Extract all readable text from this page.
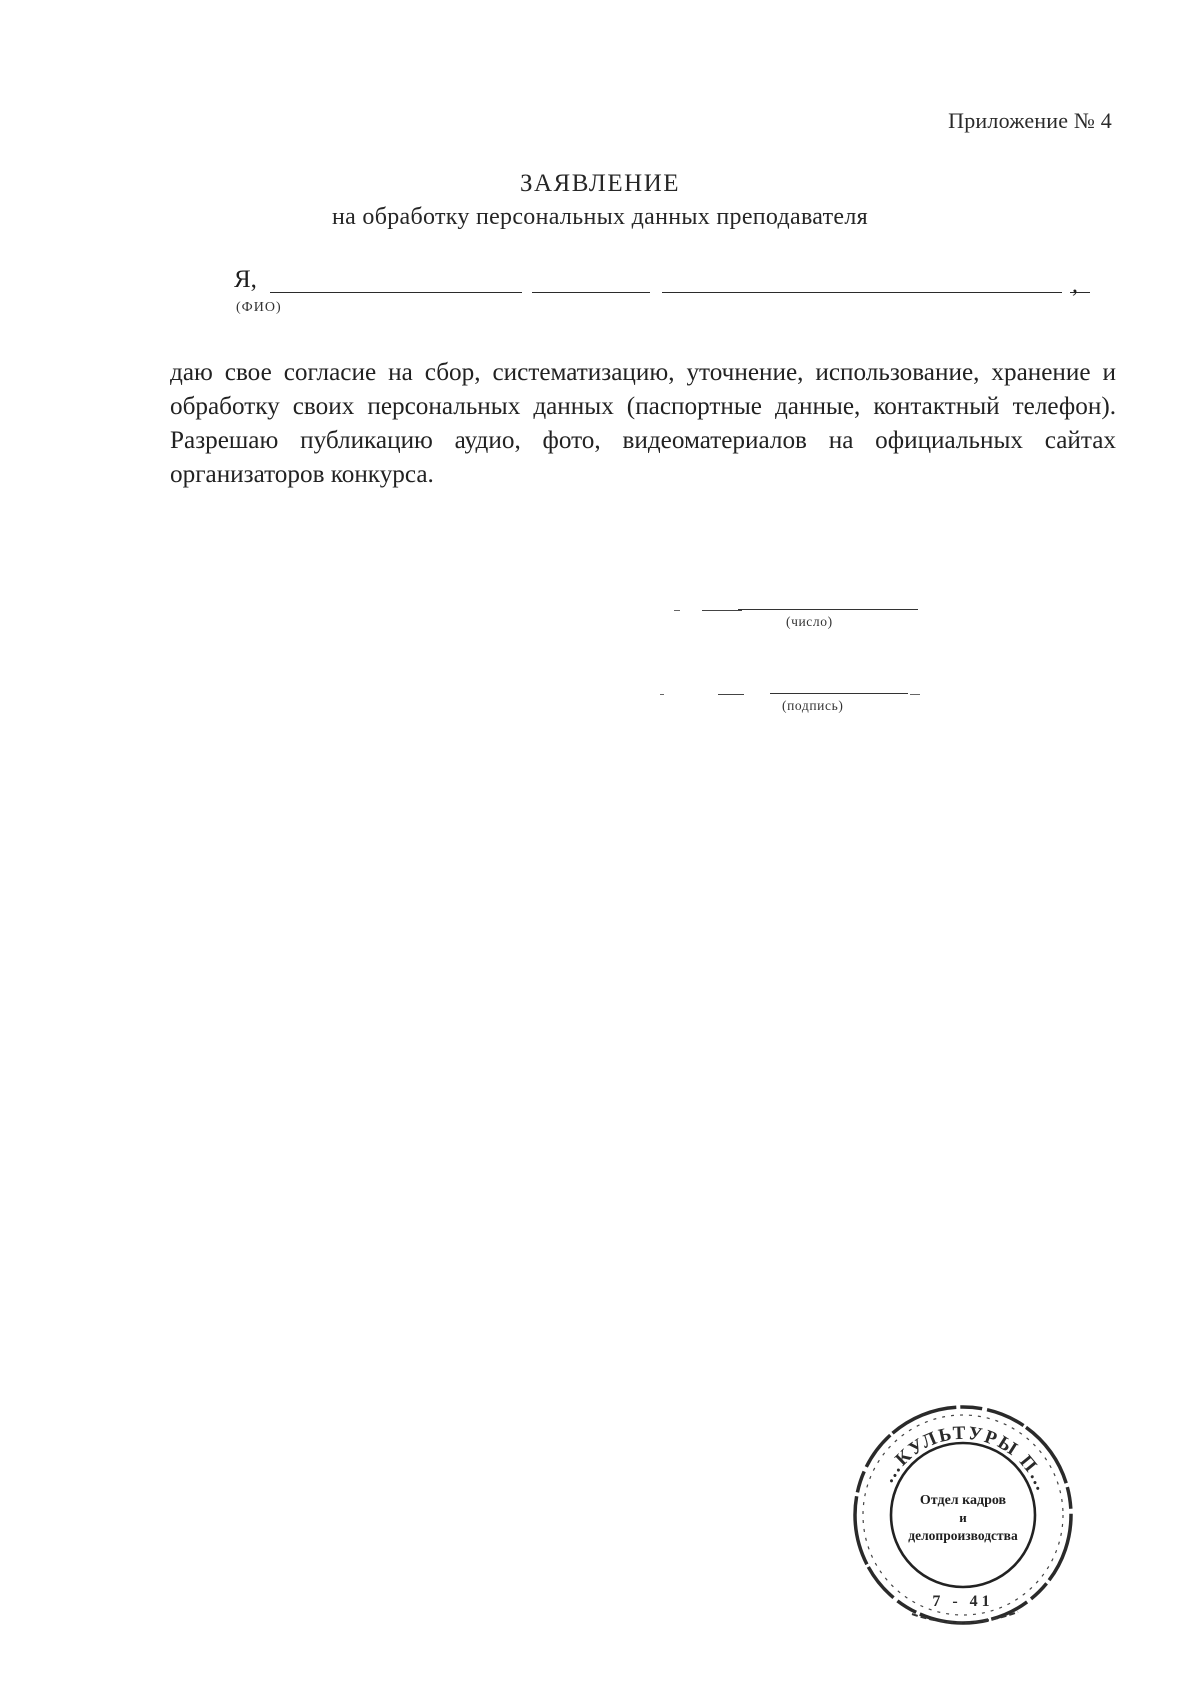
Приложение № 4
ЗАЯВЛЕНИЕ
на обработку персональных данных преподавателя
Я,	,
(ФИО)
даю свое согласие на сбор, систематизацию, уточнение, использование, хранение и обработку своих персональных данных (паспортные данные, контактный телефон). Разрешаю публикацию аудио, фото, видеоматериалов на официальных сайтах организаторов конкурса.
(число)
(подпись)
…КУЛЬТУРЫ П…
Отдел кадров
и
делопроизводства
7 - 41
